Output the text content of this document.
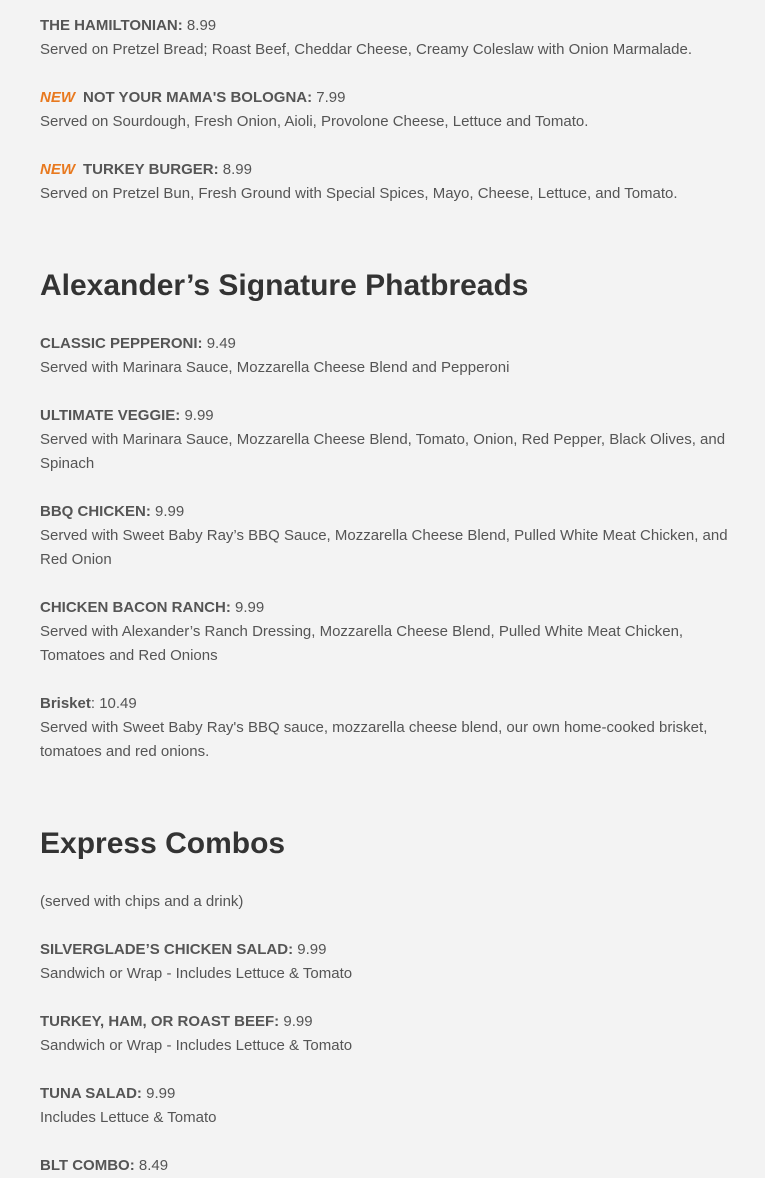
THE HAMILTONIAN: 8.99

Served on Pretzel Bread; Roast Beef, Cheddar Cheese, Creamy Coleslaw with Onion Marmalade.

NEW NOT YOUR MAMA'S BOLOGNA: 7.99

Served on Sourdough, Fresh Onion, Aioli, Provolone Cheese, Lettuce and Tomato.

NEW TURKEY BURGER: 8.99

Served on Pretzel Bun, Fresh Ground with Special Spices, Mayo, Cheese, Lettuce, and Tomato.

Alexander’s Signature Phatbreads

CLASSIC PEPPERONI: 9.49

Served with Marinara Sauce, Mozzarella Cheese Blend and Pepperoni

ULTIMATE VEGGIE: 9.99

Served with Marinara Sauce, Mozzarella Cheese Blend, Tomato, Onion, Red Pepper, Black Olives, and Spinach

BBQ CHICKEN: 9.99

Served with Sweet Baby Ray’s BBQ Sauce, Mozzarella Cheese Blend, Pulled White Meat Chicken, and Red Onion

CHICKEN BACON RANCH: 9.99

Served with Alexander’s Ranch Dressing, Mozzarella Cheese Blend, Pulled White Meat Chicken, Tomatoes and Red Onions

Brisket: 10.49

Served with Sweet Baby Ray's BBQ sauce, mozzarella cheese blend, our own home-cooked brisket, tomatoes and red onions.

Express Combos

(served with chips and a drink)

SILVERGLADE’S CHICKEN SALAD: 9.99

Sandwich or Wrap - Includes Lettuce & Tomato

TURKEY, HAM, OR ROAST BEEF: 9.99

Sandwich or Wrap - Includes Lettuce & Tomato

TUNA SALAD: 9.99

Includes Lettuce & Tomato

BLT COMBO: 8.49
